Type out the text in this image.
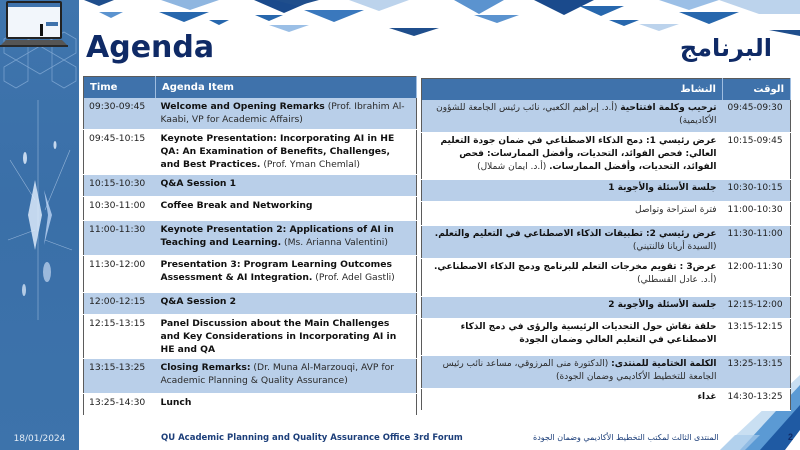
18/01/2024
Agenda	البرنامج
Time	Agenda Item
09:30-09:45	Welcome and Opening Remarks (Prof. Ibrahim Al-Kaabi, VP for Academic Affairs)
09:45-10:15	Keynote Presentation: Incorporating AI in HE QA: An Examination of Benefits, Challenges, and Best Practices. (Prof. Yman Chemlal)
10:15-10:30	Q&A Session 1
10:30-11:00	Coffee Break and Networking
11:00-11:30	Keynote Presentation 2: Applications of AI in Teaching and Learning. (Ms. Arianna Valentini)
11:30-12:00	Presentation 3: Program Learning Outcomes Assessment & AI Integration. (Prof. Adel Gastli)
12:00-12:15	Q&A Session 2
12:15-13:15	Panel Discussion about the Main Challenges and Key Considerations in Incorporating AI in HE and QA
13:15-13:25	Closing Remarks: (Dr. Muna Al-Marzouqi, AVP for Academic Planning & Quality Assurance)
13:25-14:30	Lunch
الوقت	النشاط
09:45-09:30	ترحيب وكلمة افتتاحية (أ.د. إبراهيم الكعبي، نائب رئيس الجامعة للشؤون الأكاديمية)
10:15-09:45	عرض رئيسي 1: دمج الذكاء الاصطناعي في ضمان جودة التعليم العالي: فحص الفوائد، التحديات، وأفضل الممارسات: فحص الفوائد، التحديات، وأفضل الممارسات. (أ.د. ايمان شملال)
10:30-10:15	جلسة الأسئلة والأجوبة 1
11:00-10:30	فترة استراحة وتواصل
11:30-11:00	عرض رئيسي 2: تطبيقات الذكاء الاصطناعي في التعليم والتعلم. (السيدة أريانا فالنتيني)
12:00-11:30	عرض3 : تقويم مخرجات التعلم للبرنامج ودمج الذكاء الاصطناعي. (أ.د. عادل القسطلي)
12:15-12:00	جلسة الأسئلة والأجوبة 2
13:15-12:15	حلقة نقاش حول التحديات الرئيسية والرؤى في دمج الذكاء الاصطناعي في التعليم العالي وضمان الجودة
13:25-13:15	الكلمة الختامية للمنتدى: (الدكتورة منى المرزوقي، مساعد نائب رئيس الجامعة للتخطيط الأكاديمي وضمان الجودة)
14:30-13:25	غداء
QU Academic Planning and Quality Assurance Office 3rd Forum	المنتدى الثالث لمكتب التخطيط الأكاديمي وضمان الجودة	2
